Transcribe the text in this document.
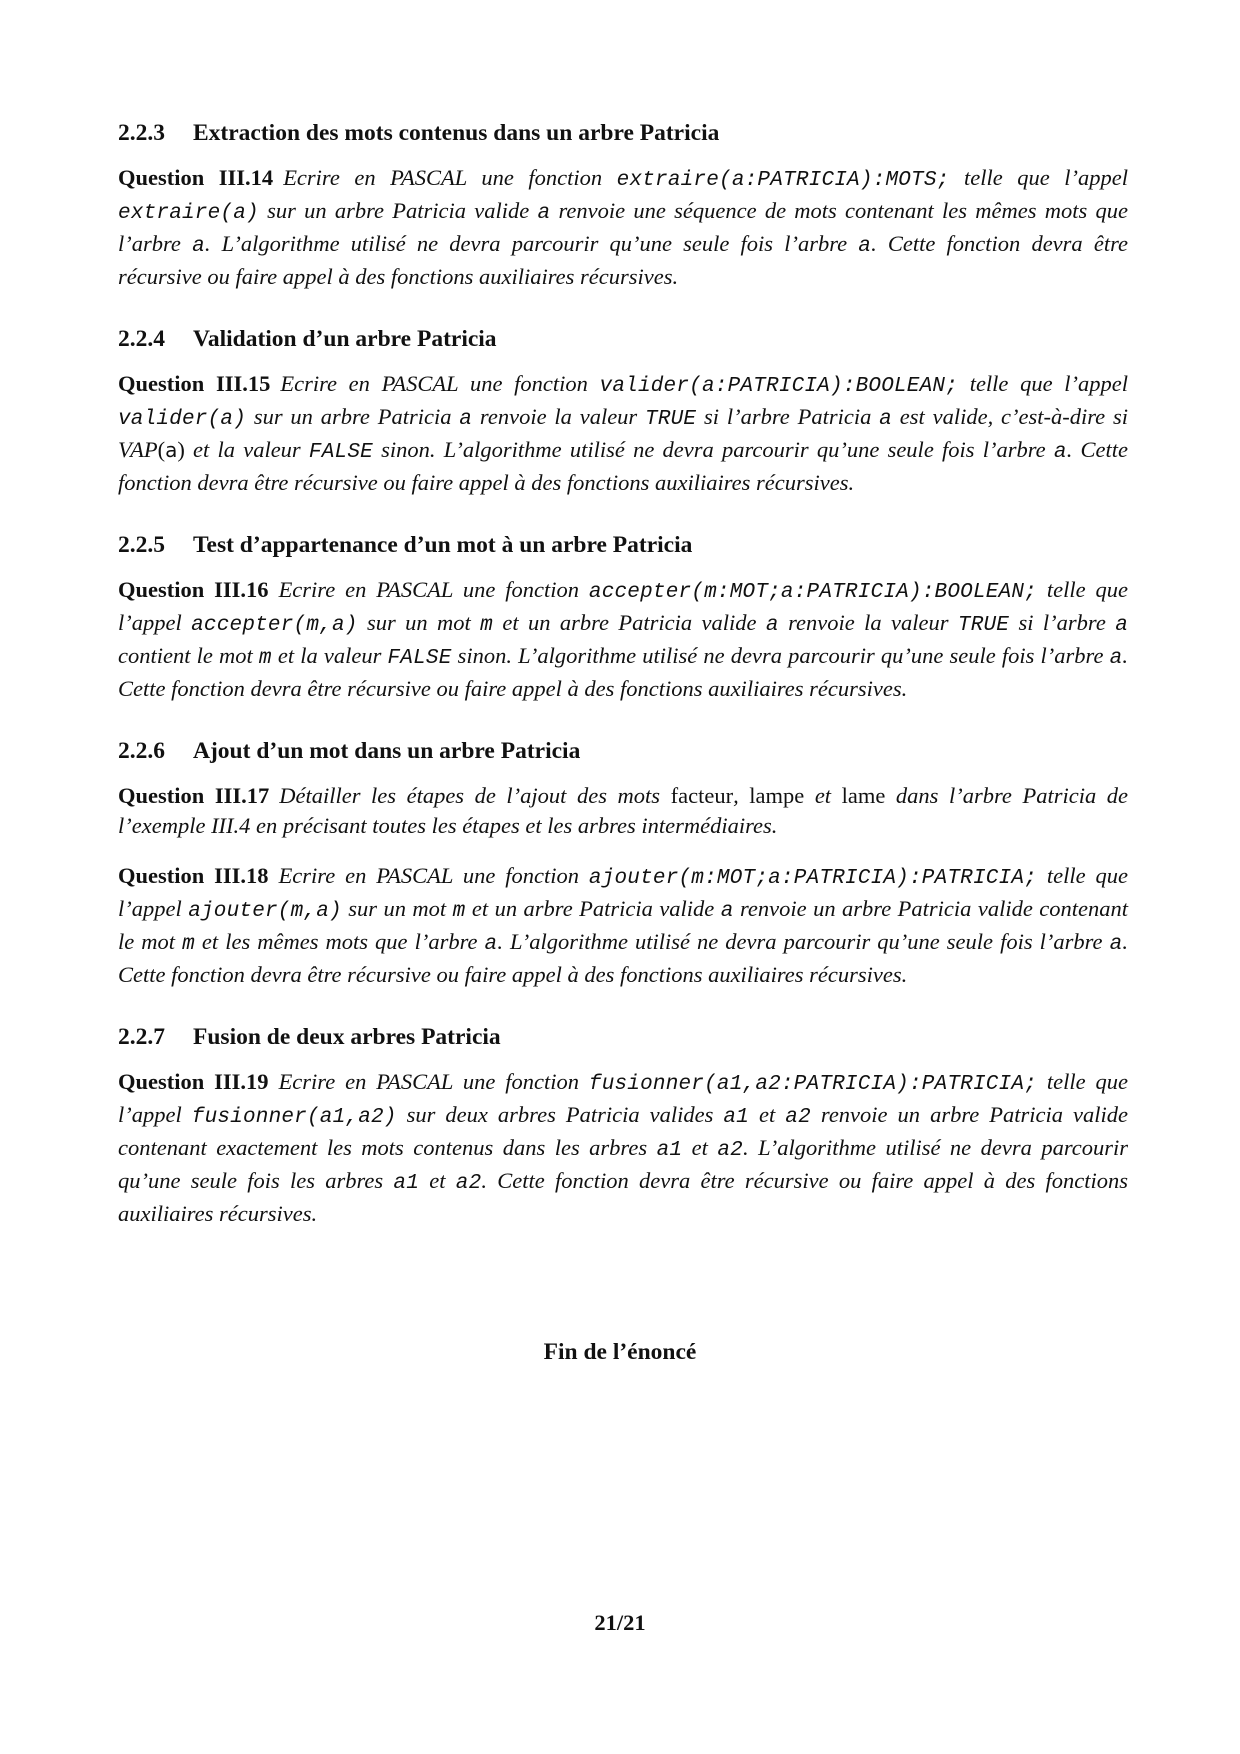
2.2.3 Extraction des mots contenus dans un arbre Patricia

Question III.14 Ecrire en PASCAL une fonction extraire(a:PATRICIA):MOTS; telle que l’appel extraire(a) sur un arbre Patricia valide a renvoie une séquence de mots contenant les mêmes mots que l’arbre a. L’algorithme utilisé ne devra parcourir qu’une seule fois l’arbre a. Cette fonction devra être récursive ou faire appel à des fonctions auxiliaires récursives.

2.2.4 Validation d’un arbre Patricia

Question III.15 Ecrire en PASCAL une fonction valider(a:PATRICIA):BOOLEAN; telle que l’appel valider(a) sur un arbre Patricia a renvoie la valeur TRUE si l’arbre Patricia a est valide, c’est-à-dire si VAP(a) et la valeur FALSE sinon. L’algorithme utilisé ne devra parcourir qu’une seule fois l’arbre a. Cette fonction devra être récursive ou faire appel à des fonctions auxiliaires récursives.

2.2.5 Test d’appartenance d’un mot à un arbre Patricia

Question III.16 Ecrire en PASCAL une fonction accepter(m:MOT;a:PATRICIA):BOOLEAN; telle que l’appel accepter(m,a) sur un mot m et un arbre Patricia valide a renvoie la valeur TRUE si l’arbre a contient le mot m et la valeur FALSE sinon. L’algorithme utilisé ne devra parcourir qu’une seule fois l’arbre a. Cette fonction devra être récursive ou faire appel à des fonctions auxiliaires récursives.

2.2.6 Ajout d’un mot dans un arbre Patricia

Question III.17 Détailler les étapes de l’ajout des mots facteur, lampe et lame dans l’arbre Patricia de l’exemple III.4 en précisant toutes les étapes et les arbres intermédiaires.

Question III.18 Ecrire en PASCAL une fonction ajouter(m:MOT;a:PATRICIA):PATRICIA; telle que l’appel ajouter(m,a) sur un mot m et un arbre Patricia valide a renvoie un arbre Patricia valide contenant le mot m et les mêmes mots que l’arbre a. L’algorithme utilisé ne devra parcourir qu’une seule fois l’arbre a. Cette fonction devra être récursive ou faire appel à des fonctions auxiliaires récursives.

2.2.7 Fusion de deux arbres Patricia

Question III.19 Ecrire en PASCAL une fonction fusionner(a1,a2:PATRICIA):PATRICIA; telle que l’appel fusionner(a1,a2) sur deux arbres Patricia valides a1 et a2 renvoie un arbre Patricia valide contenant exactement les mots contenus dans les arbres a1 et a2. L’algorithme utilisé ne devra parcourir qu’une seule fois les arbres a1 et a2. Cette fonction devra être récursive ou faire appel à des fonctions auxiliaires récursives.

Fin de l’énoncé
21/21
